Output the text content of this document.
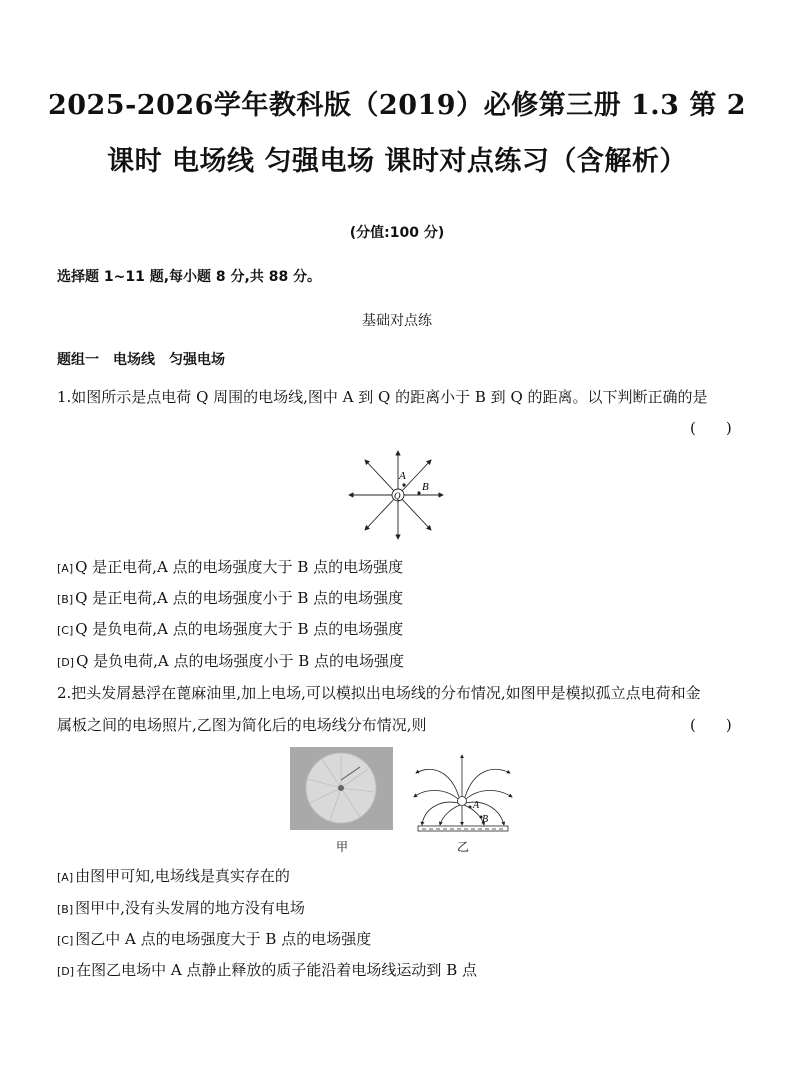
2025-2026学年教科版（2019）必修第三册 1.3 第 2
课时 电场线 匀强电场 课时对点练习（含解析）
(分值:100 分)
选择题 1~11 题,每小题 8 分,共 88 分。
基础对点练
题组一　电场线　匀强电场
1.如图所示是点电荷 Q 周围的电场线,图中 A 到 Q 的距离小于 B 到 Q 的距离。以下判断正确的是
(　　)
A
Q
B
[A] Q 是正电荷,A 点的电场强度大于 B 点的电场强度
[B] Q 是正电荷,A 点的电场强度小于 B 点的电场强度
[C] Q 是负电荷,A 点的电场强度大于 B 点的电场强度
[D] Q 是负电荷,A 点的电场强度小于 B 点的电场强度
2.把头发屑悬浮在蓖麻油里,加上电场,可以模拟出电场线的分布情况,如图甲是模拟孤立点电荷和金
属板之间的电场照片,乙图为简化后的电场线分布情况,则	(　　)
A
B
甲	乙
[A] 由图甲可知,电场线是真实存在的
[B] 图甲中,没有头发屑的地方没有电场
[C] 图乙中 A 点的电场强度大于 B 点的电场强度
[D] 在图乙电场中 A 点静止释放的质子能沿着电场线运动到 B 点
